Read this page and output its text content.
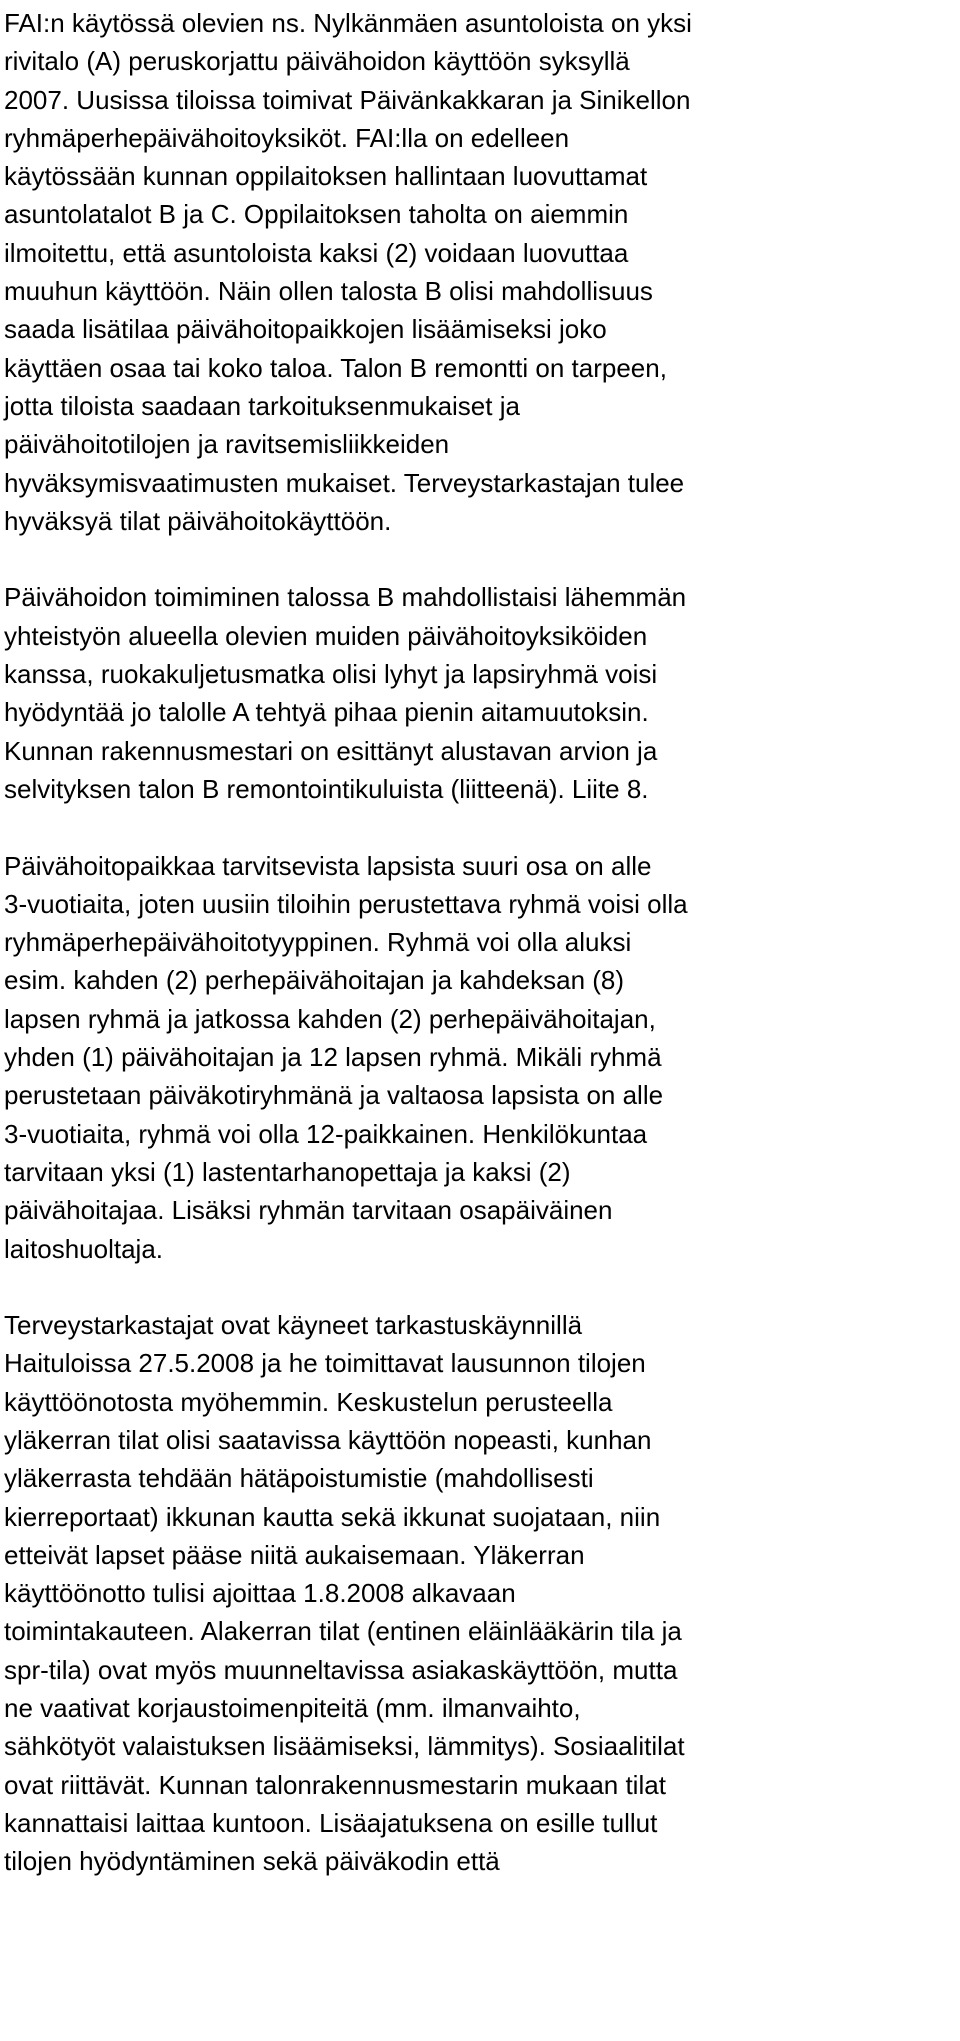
FAI:n käytössä olevien ns. Nylkänmäen asuntoloista on yksi
rivitalo (A) peruskorjattu päivähoidon käyttöön syksyllä
2007. Uusissa tiloissa toimivat Päivänkakkaran ja Sinikellon
ryhmäperhepäivähoitoyksiköt. FAI:lla on edelleen
käytössään kunnan oppilaitoksen hallintaan luovuttamat
asuntolatalot B ja C. Oppilaitoksen taholta on aiemmin
ilmoitettu, että asuntoloista kaksi (2) voidaan luovuttaa
muuhun käyttöön. Näin ollen talosta B olisi mahdollisuus
saada lisätilaa päivähoitopaikkojen lisäämiseksi joko
käyttäen osaa tai koko taloa. Talon B remontti on tarpeen,
jotta tiloista saadaan tarkoituksenmukaiset ja
päivähoitotilojen ja ravitsemisliikkeiden
hyväksymisvaatimusten mukaiset. Terveystarkastajan tulee
hyväksyä tilat päivähoitokäyttöön.
Päivähoidon toimiminen talossa B mahdollistaisi lähemmän
yhteistyön alueella olevien muiden päivähoitoyksiköiden
kanssa, ruokakuljetusmatka olisi lyhyt ja lapsiryhmä voisi
hyödyntää jo talolle A tehtyä pihaa pienin aitamuutoksin.
Kunnan rakennusmestari on esittänyt alustavan arvion ja
selvityksen talon B remontointikuluista (liitteenä). Liite 8.
Päivähoitopaikkaa tarvitsevista lapsista suuri osa on alle
3-vuotiaita, joten uusiin tiloihin perustettava ryhmä voisi olla
ryhmäperhepäivähoitotyyppinen. Ryhmä voi olla aluksi
esim. kahden (2) perhepäivähoitajan ja kahdeksan (8)
lapsen ryhmä ja jatkossa kahden (2) perhepäivähoitajan,
yhden (1) päivähoitajan ja 12 lapsen ryhmä. Mikäli ryhmä
perustetaan päiväkotiryhmänä ja valtaosa lapsista on alle
3-vuotiaita, ryhmä voi olla 12-paikkainen. Henkilökuntaa
tarvitaan yksi (1) lastentarhanopettaja ja kaksi (2)
päivähoitajaa. Lisäksi ryhmän tarvitaan osapäiväinen
laitoshuoltaja.
Terveystarkastajat ovat käyneet tarkastuskäynnillä
Haituloissa 27.5.2008 ja he toimittavat lausunnon tilojen
käyttöönotosta myöhemmin. Keskustelun perusteella
yläkerran tilat olisi saatavissa käyttöön nopeasti, kunhan
yläkerrasta tehdään hätäpoistumistie (mahdollisesti
kierreportaat) ikkunan kautta sekä ikkunat suojataan, niin
etteivät lapset pääse niitä aukaisemaan. Yläkerran
käyttöönotto tulisi ajoittaa 1.8.2008 alkavaan
toimintakauteen. Alakerran tilat (entinen eläinlääkärin tila ja
spr-tila) ovat myös muunneltavissa asiakaskäyttöön, mutta
ne vaativat korjaustoimenpiteitä (mm. ilmanvaihto,
sähkötyöt valaistuksen lisäämiseksi, lämmitys). Sosiaalitilat
ovat riittävät. Kunnan talonrakennusmestarin mukaan tilat
kannattaisi laittaa kuntoon. Lisäajatuksena on esille tullut
tilojen hyödyntäminen sekä päiväkodin että
